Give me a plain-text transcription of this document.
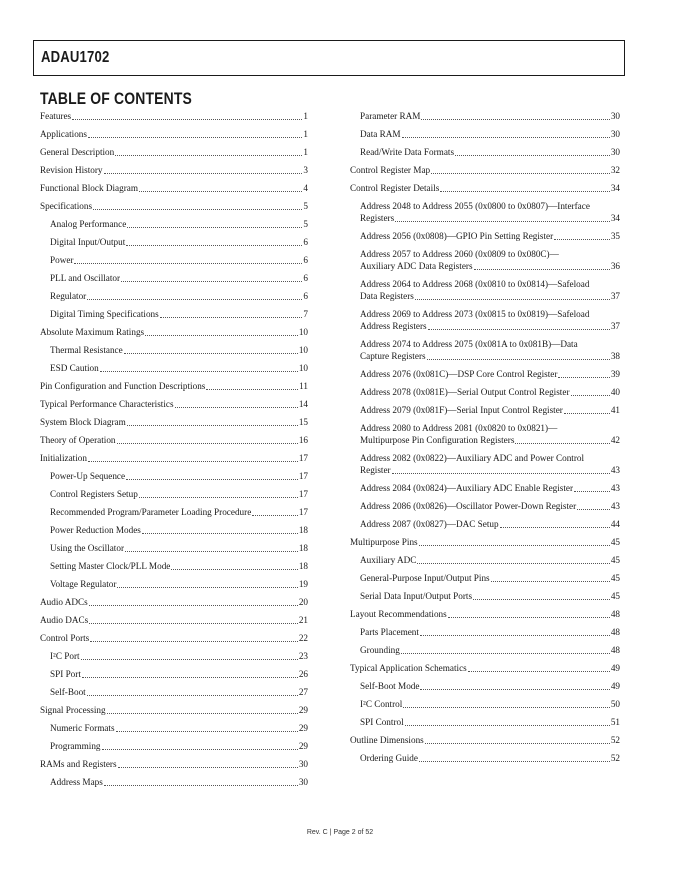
ADAU1702
TABLE OF CONTENTS
Features	1
Applications	1
General Description	1
Revision History	3
Functional Block Diagram	4
Specifications	5
Analog Performance	5
Digital Input/Output	6
Power	6
PLL and Oscillator	6
Regulator	6
Digital Timing Specifications	7
Absolute Maximum Ratings	10
Thermal Resistance	10
ESD Caution	10
Pin Configuration and Function Descriptions	11
Typical Performance Characteristics	14
System Block Diagram	15
Theory of Operation	16
Initialization	17
Power-Up Sequence	17
Control Registers Setup	17
Recommended Program/Parameter Loading Procedure	17
Power Reduction Modes	18
Using the Oscillator	18
Setting Master Clock/PLL Mode	18
Voltage Regulator	19
Audio ADCs	20
Audio DACs	21
Control Ports	22
I²C Port	23
SPI Port	26
Self-Boot	27
Signal Processing	29
Numeric Formats	29
Programming	29
RAMs and Registers	30
Address Maps	30
Parameter RAM	30
Data RAM	30
Read/Write Data Formats	30
Control Register Map	32
Control Register Details	34
Address 2048 to Address 2055 (0x0800 to 0x0807)—Interface
Registers	34
Address 2056 (0x0808)—GPIO Pin Setting Register	35
Address 2057 to Address 2060 (0x0809 to 0x080C)—
Auxiliary ADC Data Registers	36
Address 2064 to Address 2068 (0x0810 to 0x0814)—Safeload
Data Registers	37
Address 2069 to Address 2073 (0x0815 to 0x0819)—Safeload
Address Registers	37
Address 2074 to Address 2075 (0x081A to 0x081B)—Data
Capture Registers	38
Address 2076 (0x081C)—DSP Core Control Register	39
Address 2078 (0x081E)—Serial Output Control Register	40
Address 2079 (0x081F)—Serial Input Control Register	41
Address 2080 to Address 2081 (0x0820 to 0x0821)—
Multipurpose Pin Configuration Registers	42
Address 2082 (0x0822)—Auxiliary ADC and Power Control
Register	43
Address 2084 (0x0824)—Auxiliary ADC Enable Register	43
Address 2086 (0x0826)—Oscillator Power-Down Register	43
Address 2087 (0x0827)—DAC Setup	44
Multipurpose Pins	45
Auxiliary ADC	45
General-Purpose Input/Output Pins	45
Serial Data Input/Output Ports	45
Layout Recommendations	48
Parts Placement	48
Grounding	48
Typical Application Schematics	49
Self-Boot Mode	49
I²C Control	50
SPI Control	51
Outline Dimensions	52
Ordering Guide	52
Rev. C | Page 2 of 52
